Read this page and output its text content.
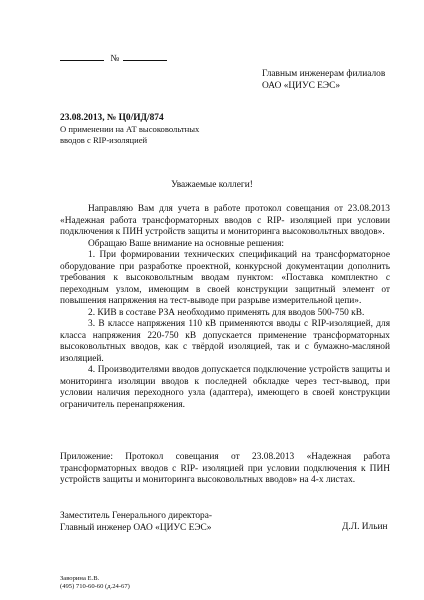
№
Главным инженерам филиалов
ОАО «ЦИУС ЕЭС»
23.08.2013, № Ц0/ИД/874
О применении на АТ высоковольтных
вводов с RIP-изоляцией
Уважаемые коллеги!

Направляю Вам для учета в работе протокол совещания от 23.08.2013 «Надежная работа трансформаторных вводов с RIP- изоляцией при условии подключения к ПИН устройств защиты и мониторинга высоковольтных вводов».

Обращаю Ваше внимание на основные решения:

1. При формировании технических спецификаций на трансформаторное оборудование при разработке проектной, конкурсной документации дополнить требования к высоковольтным вводам пунктом: «Поставка комплектно с переходным узлом, имеющим в своей конструкции защитный элемент от повышения напряжения на тест-выводе при разрыве измерительной цепи».

2. КИВ в составе РЗА необходимо применять для вводов 500-750 кВ.

3. В классе напряжения 110 кВ применяются вводы с RIP-изоляцией, для класса напряжения 220-750 кВ допускается применение трансформаторных высоковольтных вводов, как с твёрдой изоляцией, так и с бумажно-масляной изоляцией.

4. Производителями вводов допускается подключение устройств защиты и мониторинга изоляции вводов к последней обкладке через тест-вывод, при условии наличия переходного узла (адаптера), имеющего в своей конструкции ограничитель перенапряжения.

Приложение: Протокол совещания от 23.08.2013 «Надежная работа трансформаторных вводов с RIP- изоляцией при условии подключения к ПИН устройств защиты и мониторинга высоковольтных вводов» на 4-х листах.

Заместитель Генерального директора-
Главный инженер ОАО «ЦИУС ЕЭС»	Д.Л. Ильин
Заворина Е.В.
(495) 710-60-60 (д.24-67)
